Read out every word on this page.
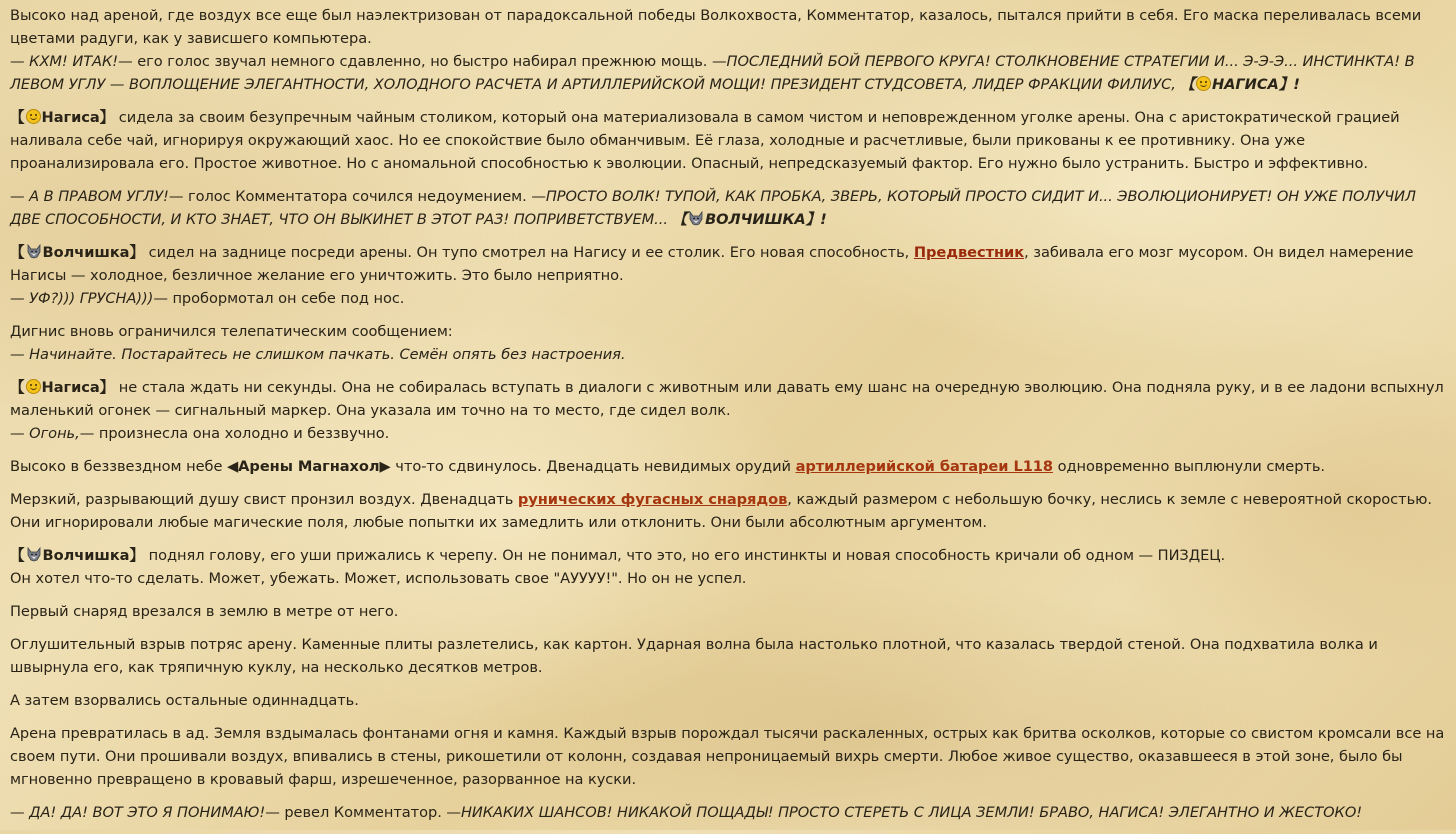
Высоко над ареной, где воздух все еще был наэлектризован от парадоксальной победы Волкохвоста, Комментатор, казалось, пытался прийти в себя. Его маска переливалась всеми цветами радуги, как у зависшего компьютера.
— КХМ! ИТАК!— его голос звучал немного сдавленно, но быстро набирал прежнюю мощь. —ПОСЛЕДНИЙ БОЙ ПЕРВОГО КРУГА! СТОЛКНОВЕНИЕ СТРАТЕГИИ И... Э-Э-Э... ИНСТИНКТА! В ЛЕВОМ УГЛУ — ВОПЛОЩЕНИЕ ЭЛЕГАНТНОСТИ, ХОЛОДНОГО РАСЧЕТА И АРТИЛЛЕРИЙСКОЙ МОЩИ! ПРЕЗИДЕНТ СТУДСОВЕТА, ЛИДЕР ФРАКЦИИ ФИЛИУС, 【 НАГИСА】!
【 Нагиса】 сидела за своим безупречным чайным столиком, который она материализовала в самом чистом и неповрежденном уголке арены. Она с аристократической грацией наливала себе чай, игнорируя окружающий хаос. Но ее спокойствие было обманчивым. Её глаза, холодные и расчетливые, были прикованы к ее противнику. Она уже проанализировала его. Простое животное. Но с аномальной способностью к эволюции. Опасный, непредсказуемый фактор. Его нужно было устранить. Быстро и эффективно.
— А В ПРАВОМ УГЛУ!— голос Комментатора сочился недоумением. —ПРОСТО ВОЛК! ТУПОЙ, КАК ПРОБКА, ЗВЕРЬ, КОТОРЫЙ ПРОСТО СИДИТ И... ЭВОЛЮЦИОНИРУЕТ! ОН УЖЕ ПОЛУЧИЛ ДВЕ СПОСОБНОСТИ, И КТО ЗНАЕТ, ЧТО ОН ВЫКИНЕТ В ЭТОТ РАЗ! ПОПРИВЕТСТВУЕМ... 【 ВОЛЧИШКА】!
【 Волчишка】 сидел на заднице посреди арены. Он тупо смотрел на Нагису и ее столик. Его новая способность, Предвестник, забивала его мозг мусором. Он видел намерение Нагисы — холодное, безличное желание его уничтожить. Это было неприятно.
— УФ?))) ГРУСНА)))— пробормотал он себе под нос.
Дигнис вновь ограничился телепатическим сообщением:
— Начинайте. Постарайтесь не слишком пачкать. Семён опять без настроения.
【 Нагиса】 не стала ждать ни секунды. Она не собиралась вступать в диалоги с животным или давать ему шанс на очередную эволюцию. Она подняла руку, и в ее ладони вспыхнул маленький огонек — сигнальный маркер. Она указала им точно на то место, где сидел волк.
— Огонь,— произнесла она холодно и беззвучно.
Высоко в беззвездном небе ◀Арены Магнахол▶ что-то сдвинулось. Двенадцать невидимых орудий артиллерийской батареи L118 одновременно выплюнули смерть.
Мерзкий, разрывающий душу свист пронзил воздух. Двенадцать рунических фугасных снарядов, каждый размером с небольшую бочку, неслись к земле с невероятной скоростью. Они игнорировали любые магические поля, любые попытки их замедлить или отклонить. Они были абсолютным аргументом.
【 Волчишка】 поднял голову, его уши прижались к черепу. Он не понимал, что это, но его инстинкты и новая способность кричали об одном — ПИЗДЕЦ.
Он хотел что-то сделать. Может, убежать. Может, использовать свое "АУУУУ!". Но он не успел.
Первый снаряд врезался в землю в метре от него.
Оглушительный взрыв потряс арену. Каменные плиты разлетелись, как картон. Ударная волна была настолько плотной, что казалась твердой стеной. Она подхватила волка и швырнула его, как тряпичную куклу, на несколько десятков метров.
А затем взорвались остальные одиннадцать.
Арена превратилась в ад. Земля вздымалась фонтанами огня и камня. Каждый взрыв порождал тысячи раскаленных, острых как бритва осколков, которые со свистом кромсали все на своем пути. Они прошивали воздух, впивались в стены, рикошетили от колонн, создавая непроницаемый вихрь смерти. Любое живое существо, оказавшееся в этой зоне, было бы мгновенно превращено в кровавый фарш, изрешеченное, разорванное на куски.
— ДА! ДА! ВОТ ЭТО Я ПОНИМАЮ!— ревел Комментатор. —НИКАКИХ ШАНСОВ! НИКАКОЙ ПОЩАДЫ! ПРОСТО СТЕРЕТЬ С ЛИЦА ЗЕМЛИ! БРАВО, НАГИСА! ЭЛЕГАНТНО И ЖЕСТОКО!
